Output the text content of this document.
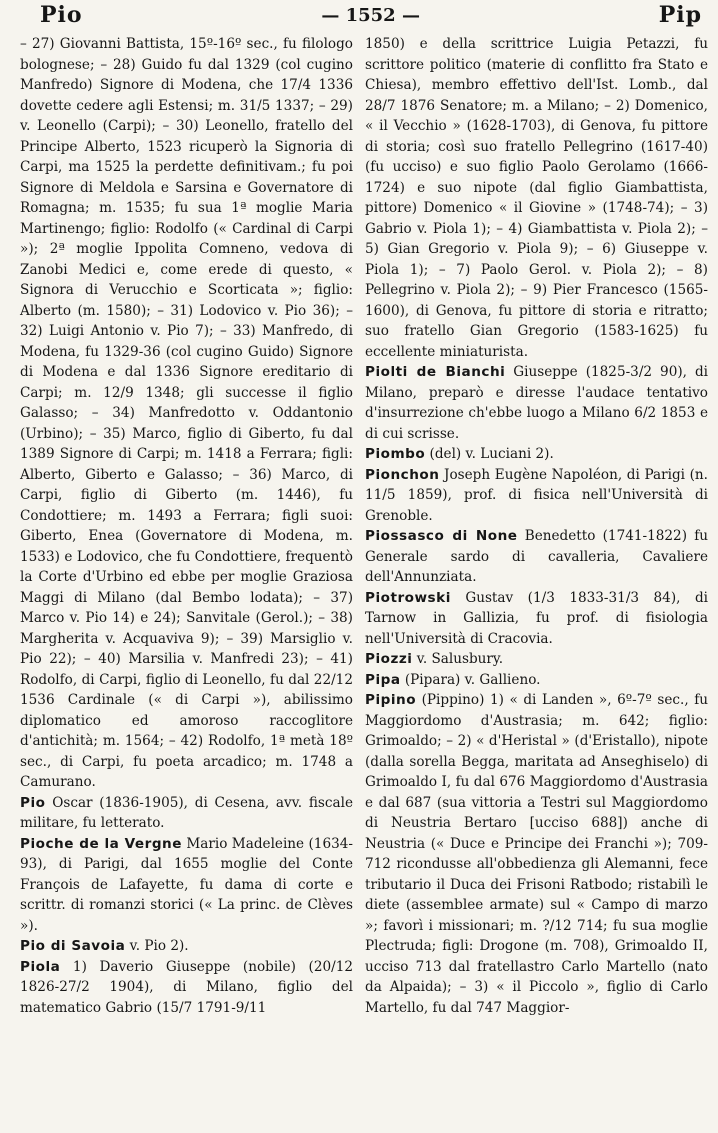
Pio	— 1552 —	Pip

– 27) Giovanni Battista, 15º-16º sec., fu filologo bolognese; – 28) Guido fu dal 1329 (col cugino Manfredo) Signore di Modena, che 17/4 1336 dovette cedere agli Estensi; m. 31/5 1337; – 29) v. Leonello (Carpi); – 30) Leonello, fratello del Principe Alberto, 1523 ricuperò la Signoria di Carpi, ma 1525 la perdette definitivam.; fu poi Signore di Meldola e Sarsina e Governatore di Romagna; m. 1535; fu sua 1ª moglie Maria Martinengo; figlio: Rodolfo (« Cardinal di Carpi »); 2ª moglie Ippolita Comneno, vedova di Zanobi Medici e, come erede di questo, « Signora di Verucchio e Scorticata »; figlio: Alberto (m. 1580); – 31) Lodovico v. Pio 36); – 32) Luigi Antonio v. Pio 7); – 33) Manfredo, di Modena, fu 1329-36 (col cugino Guido) Signore di Modena e dal 1336 Signore ereditario di Carpi; m. 12/9 1348; gli successe il figlio Galasso; – 34) Manfredotto v. Oddantonio (Urbino); – 35) Marco, figlio di Giberto, fu dal 1389 Signore di Carpi; m. 1418 a Ferrara; figli: Alberto, Giberto e Galasso; – 36) Marco, di Carpi, figlio di Giberto (m. 1446), fu Condottiere; m. 1493 a Ferrara; figli suoi: Giberto, Enea (Governatore di Modena, m. 1533) e Lodovico, che fu Condottiere, frequentò la Corte d'Urbino ed ebbe per moglie Graziosa Maggi di Milano (dal Bembo lodata); – 37) Marco v. Pio 14) e 24); Sanvitale (Gerol.); – 38) Margherita v. Acquaviva 9); – 39) Marsiglio v. Pio 22); – 40) Marsilia v. Manfredi 23); – 41) Rodolfo, di Carpi, figlio di Leonello, fu dal 22/12 1536 Cardinale (« di Carpi »), abilissimo diplomatico ed amoroso raccoglitore d'antichità; m. 1564; – 42) Rodolfo, 1ª metà 18º sec., di Carpi, fu poeta arcadico; m. 1748 a Camurano.

Pio Oscar (1836-1905), di Cesena, avv. fiscale militare, fu letterato.

Pioche de la Vergne Mario Madeleine (1634-93), di Parigi, dal 1655 moglie del Conte François de Lafayette, fu dama di corte e scrittr. di romanzi storici (« La princ. de Clèves »).

Pio di Savoia v. Pio 2).

Piola 1) Daverio Giuseppe (nobile) (20/12 1826-27/2 1904), di Milano, figlio del matematico Gabrio (15/7 1791-9/11

1850) e della scrittrice Luigia Petazzi, fu scrittore politico (materie di conflitto fra Stato e Chiesa), membro effettivo dell'Ist. Lomb., dal 28/7 1876 Senatore; m. a Milano; – 2) Domenico, « il Vecchio » (1628-1703), di Genova, fu pittore di storia; così suo fratello Pellegrino (1617-40) (fu ucciso) e suo figlio Paolo Gerolamo (1666-1724) e suo nipote (dal figlio Giambattista, pittore) Domenico « il Giovine » (1748-74); – 3) Gabrio v. Piola 1); – 4) Giambattista v. Piola 2); – 5) Gian Gregorio v. Piola 9); – 6) Giuseppe v. Piola 1); – 7) Paolo Gerol. v. Piola 2); – 8) Pellegrino v. Piola 2); – 9) Pier Francesco (1565-1600), di Genova, fu pittore di storia e ritratto; suo fratello Gian Gregorio (1583-1625) fu eccellente miniaturista.

Piolti de Bianchi Giuseppe (1825-3/2 90), di Milano, preparò e diresse l'audace tentativo d'insurrezione ch'ebbe luogo a Milano 6/2 1853 e di cui scrisse.

Piombo (del) v. Luciani 2).

Pionchon Joseph Eugène Napoléon, di Parigi (n. 11/5 1859), prof. di fisica nell'Università di Grenoble.

Piossasco di None Benedetto (1741-1822) fu Generale sardo di cavalleria, Cavaliere dell'Annunziata.

Piotrowski Gustav (1/3 1833-31/3 84), di Tarnow in Gallizia, fu prof. di fisiologia nell'Università di Cracovia.

Piozzi v. Salusbury.

Pipa (Pipara) v. Gallieno.

Pipino (Pippino) 1) « di Landen », 6º-7º sec., fu Maggiordomo d'Austrasia; m. 642; figlio: Grimoaldo; – 2) « d'Heristal » (d'Eristallo), nipote (dalla sorella Begga, maritata ad Anseghiselo) di Grimoaldo I, fu dal 676 Maggiordomo d'Austrasia e dal 687 (sua vittoria a Testri sul Maggiordomo di Neustria Bertaro [ucciso 688]) anche di Neustria (« Duce e Principe dei Franchi »); 709-712 ricondusse all'obbedienza gli Alemanni, fece tributario il Duca dei Frisoni Ratbodo; ristabilì le diete (assemblee armate) sul « Campo di marzo »; favorì i missionari; m. ?/12 714; fu sua moglie Plectruda; figli: Drogone (m. 708), Grimoaldo II, ucciso 713 dal fratellastro Carlo Martello (nato da Alpaida); – 3) « il Piccolo », figlio di Carlo Martello, fu dal 747 Maggior-
